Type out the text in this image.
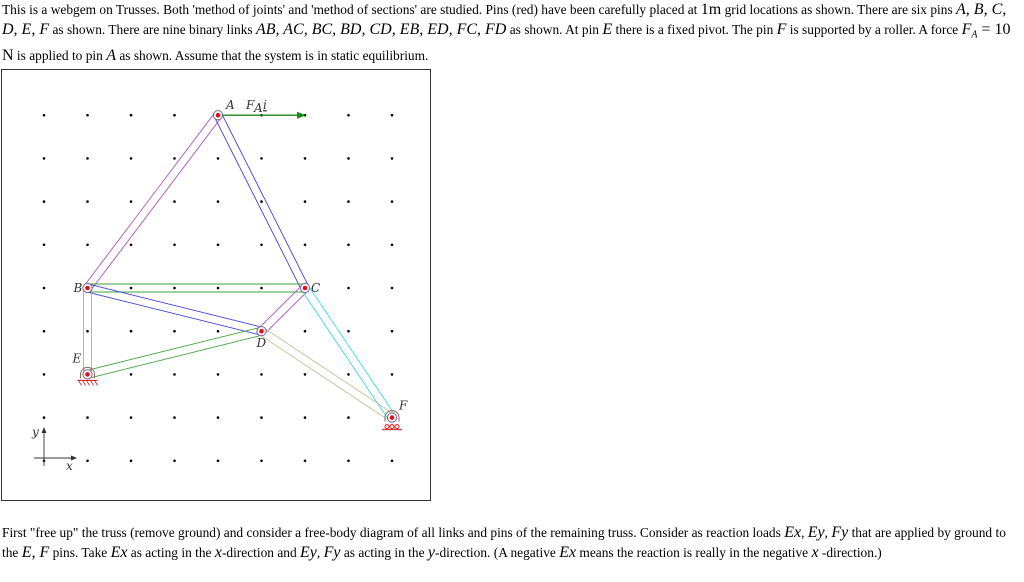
This is a webgem on Trusses. Both 'method of joints' and 'method of sections' are studied. Pins (red) have been carefully placed at 1m grid locations as shown. There are six pins A, B, C, D, E, F as shown. There are nine binary links AB, AC, BC, BD, CD, EB, ED, FC, FD as shown. At pin E there is a fixed pivot. The pin F is supported by a roller. A force $F_A = 10$ N is applied to pin A as shown. Assume that the system is in static equilibrium.

A
B	C
D
E
F
F A i
x
y

First "free up" the truss (remove ground) and consider a free-body diagram of all links and pins of the remaining truss. Consider as reaction loads Ex, Ey, Fy that are applied by ground to the E, F pins. Take Ex as acting in the x-direction and Ey, Fy as acting in the y-direction. (A negative Ex means the reaction is really in the negative x -direction.)
